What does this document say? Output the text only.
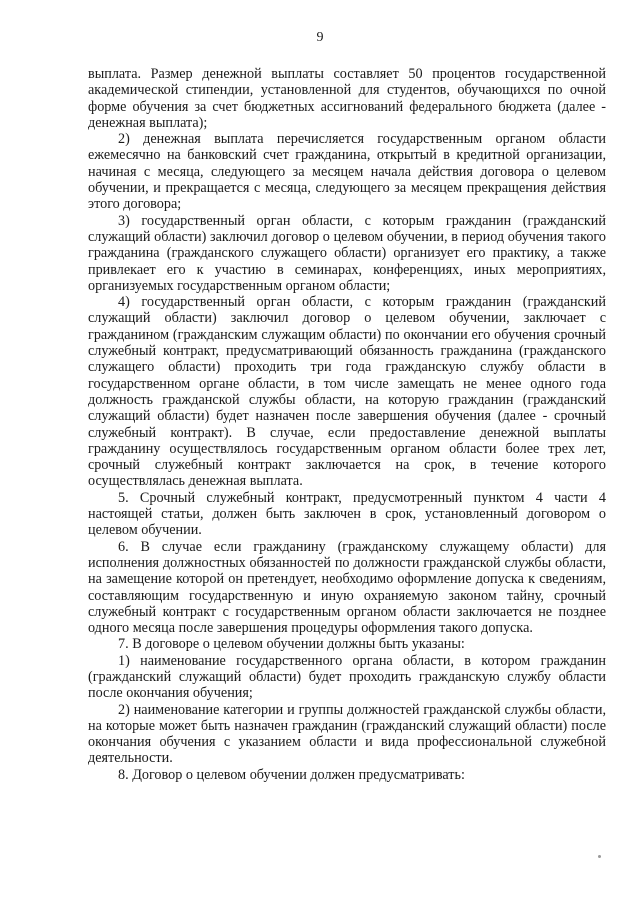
9

выплата. Размер денежной выплаты составляет 50 процентов государственной академической стипендии, установленной для студентов, обучающихся по очной форме обучения за счет бюджетных ассигнований федерального бюджета (далее - денежная выплата);

2) денежная выплата перечисляется государственным органом области ежемесячно на банковский счет гражданина, открытый в кредитной организации, начиная с месяца, следующего за месяцем начала действия договора о целевом обучении, и прекращается с месяца, следующего за месяцем прекращения действия этого договора;

3) государственный орган области, с которым гражданин (гражданский служащий области) заключил договор о целевом обучении, в период обучения такого гражданина (гражданского служащего области) организует его практику, а также привлекает его к участию в семинарах, конференциях, иных мероприятиях, организуемых государственным органом области;

4) государственный орган области, с которым гражданин (гражданский служащий области) заключил договор о целевом обучении, заключает с гражданином (гражданским служащим области) по окончании его обучения срочный служебный контракт, предусматривающий обязанность гражданина (гражданского служащего области) проходить три года гражданскую службу области в государственном органе области, в том числе замещать не менее одного года должность гражданской службы области, на которую гражданин (гражданский служащий области) будет назначен после завершения обучения (далее - срочный служебный контракт). В случае, если предоставление денежной выплаты гражданину осуществлялось государственным органом области более трех лет, срочный служебный контракт заключается на срок, в течение которого осуществлялась денежная выплата.

5. Срочный служебный контракт, предусмотренный пунктом 4 части 4 настоящей статьи, должен быть заключен в срок, установленный договором о целевом обучении.

6. В случае если гражданину (гражданскому служащему области) для исполнения должностных обязанностей по должности гражданской службы области, на замещение которой он претендует, необходимо оформление допуска к сведениям, составляющим государственную и иную охраняемую законом тайну, срочный служебный контракт с государственным органом области заключается не позднее одного месяца после завершения процедуры оформления такого допуска.

7. В договоре о целевом обучении должны быть указаны:

1) наименование государственного органа области, в котором гражданин (гражданский служащий области) будет проходить гражданскую службу области после окончания обучения;

2) наименование категории и группы должностей гражданской службы области, на которые может быть назначен гражданин (гражданский служащий области) после окончания обучения с указанием области и вида профессиональной служебной деятельности.

8. Договор о целевом обучении должен предусматривать:
